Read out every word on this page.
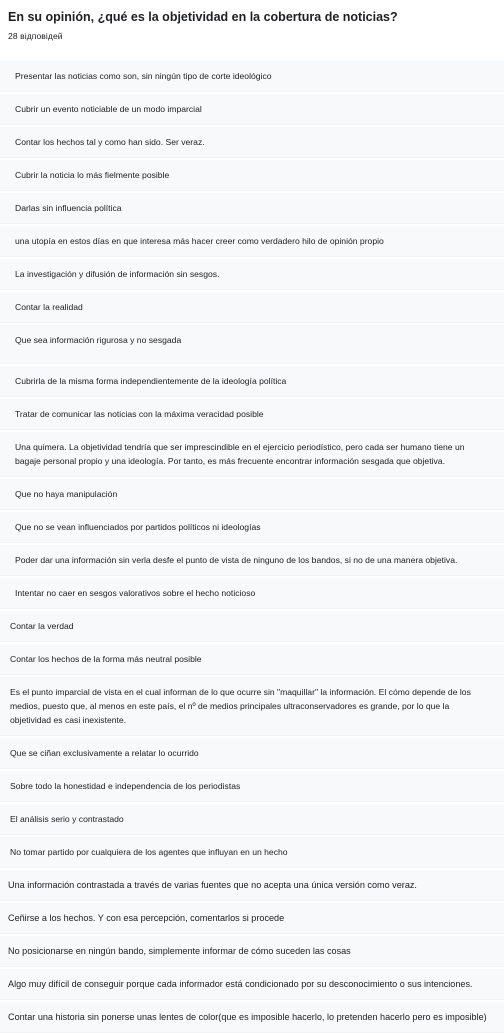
En su opinión, ¿qué es la objetividad en la cobertura de noticias?
28 відповідей
Presentar las noticias como son, sin ningún tipo de corte ideológico
Cubrir un evento noticiable de un modo imparcial
Contar los hechos tal y como han sido. Ser veraz.
Cubrir la noticia lo más fielmente posible
Darlas sin influencia política
una utopía en estos días en que interesa más hacer creer como verdadero hilo de opinión propio
La investigación y difusión de información sin sesgos.
Contar la realidad
Que sea información rigurosa y no sesgada
Cubrirla de la misma forma independientemente de la ideología política
Tratar de comunicar las noticias con la máxima veracidad posible
Una quimera. La objetividad tendría que ser imprescindible en el ejercicio periodístico, pero cada ser humano tiene un bagaje personal propio y una ideología. Por tanto, es más frecuente encontrar información sesgada que objetiva.
Que no haya manipulación
Que no se vean influenciados por partidos políticos ni ideologías
Poder dar una información sin verla desfe el punto de vista de ninguno de los bandos, si no de una manera objetiva.
Intentar no caer en sesgos valorativos sobre el hecho noticioso
Contar la verdad
Contar los hechos de la forma más neutral posible
Es el punto imparcial de vista en el cual informan de lo que ocurre sin "maquillar" la información. El cómo depende de los medios, puesto que, al menos en este país, el nº de medios principales ultraconservadores es grande, por lo que la objetividad es casi inexistente.
Que se ciñan exclusivamente a relatar lo ocurrido
Sobre todo la honestidad e independencia de los periodistas
El análisis serio y contrastado
No tomar partido por cualquiera de los agentes que influyan en un hecho
Una información contrastada a través de varias fuentes que no acepta una única versión como veraz.
Ceñirse a los hechos. Y con esa percepción, comentarlos si procede
No posicionarse en ningún bando, simplemente informar de cómo suceden las cosas
Algo muy difícil de conseguir porque cada informador está condicionado por su desconocimiento o sus intenciones.
Contar una historia sin ponerse unas lentes de color(que es imposible hacerlo, lo pretenden hacerlo pero es imposible)
